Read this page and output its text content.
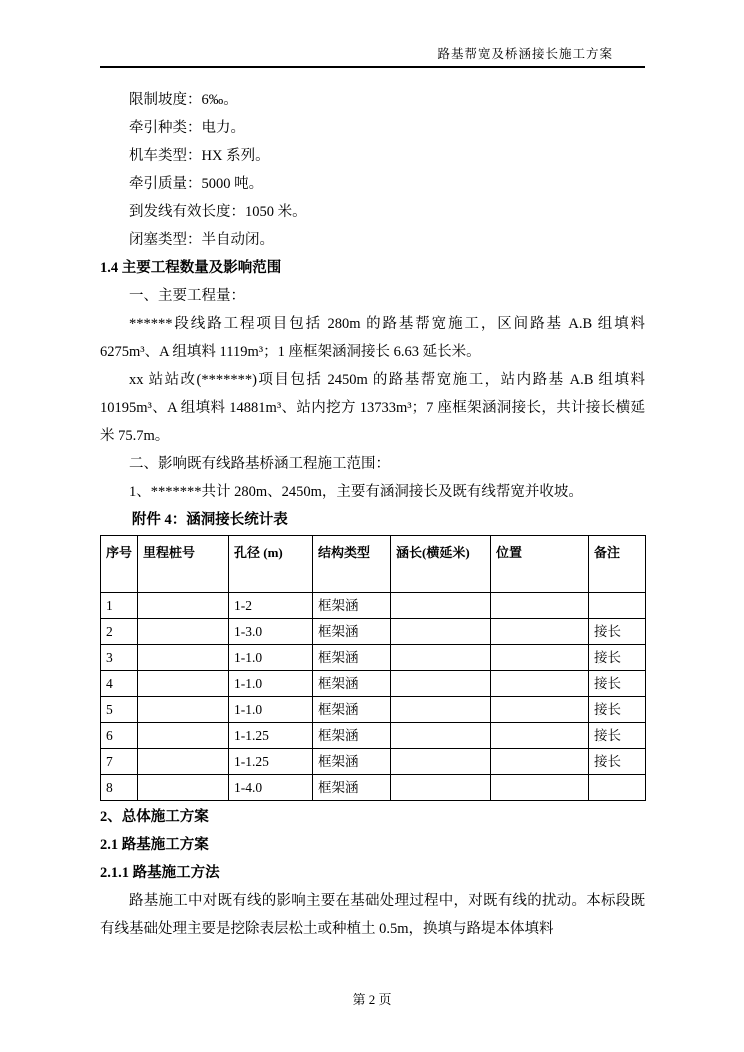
路基帮宽及桥涵接长施工方案

限制坡度：6‰。

牵引种类：电力。

机车类型：HX 系列。

牵引质量：5000 吨。

到发线有效长度：1050 米。

闭塞类型：半自动闭。

1.4 主要工程数量及影响范围

一、主要工程量：

******段线路工程项目包括 280m 的路基帮宽施工，区间路基 A.B 组填料 6275m³、A 组填料 1119m³；1 座框架涵洞接长 6.63 延长米。

xx 站站改(*******)项目包括 2450m 的路基帮宽施工，站内路基 A.B 组填料 10195m³、A 组填料 14881m³、站内挖方 13733m³；7 座框架涵洞接长，共计接长横延米 75.7m。

二、影响既有线路基桥涵工程施工范围：

1、*******共计 280m、2450m，主要有涵洞接长及既有线帮宽并收坡。

附件 4：涵洞接长统计表

序号	里程桩号	孔径 (m)	结构类型	涵长(横延米)	位置	备注
1		1-2	框架涵			
2		1-3.0	框架涵			接长
3		1-1.0	框架涵			接长
4		1-1.0	框架涵			接长
5		1-1.0	框架涵			接长
6		1-1.25	框架涵			接长
7		1-1.25	框架涵			接长
8		1-4.0	框架涵			
2、总体施工方案
2.1 路基施工方案
2.1.1 路基施工方法

路基施工中对既有线的影响主要在基础处理过程中，对既有线的扰动。本标段既有线基础处理主要是挖除表层松土或种植土 0.5m，换填与路堤本体填料

第 2 页
